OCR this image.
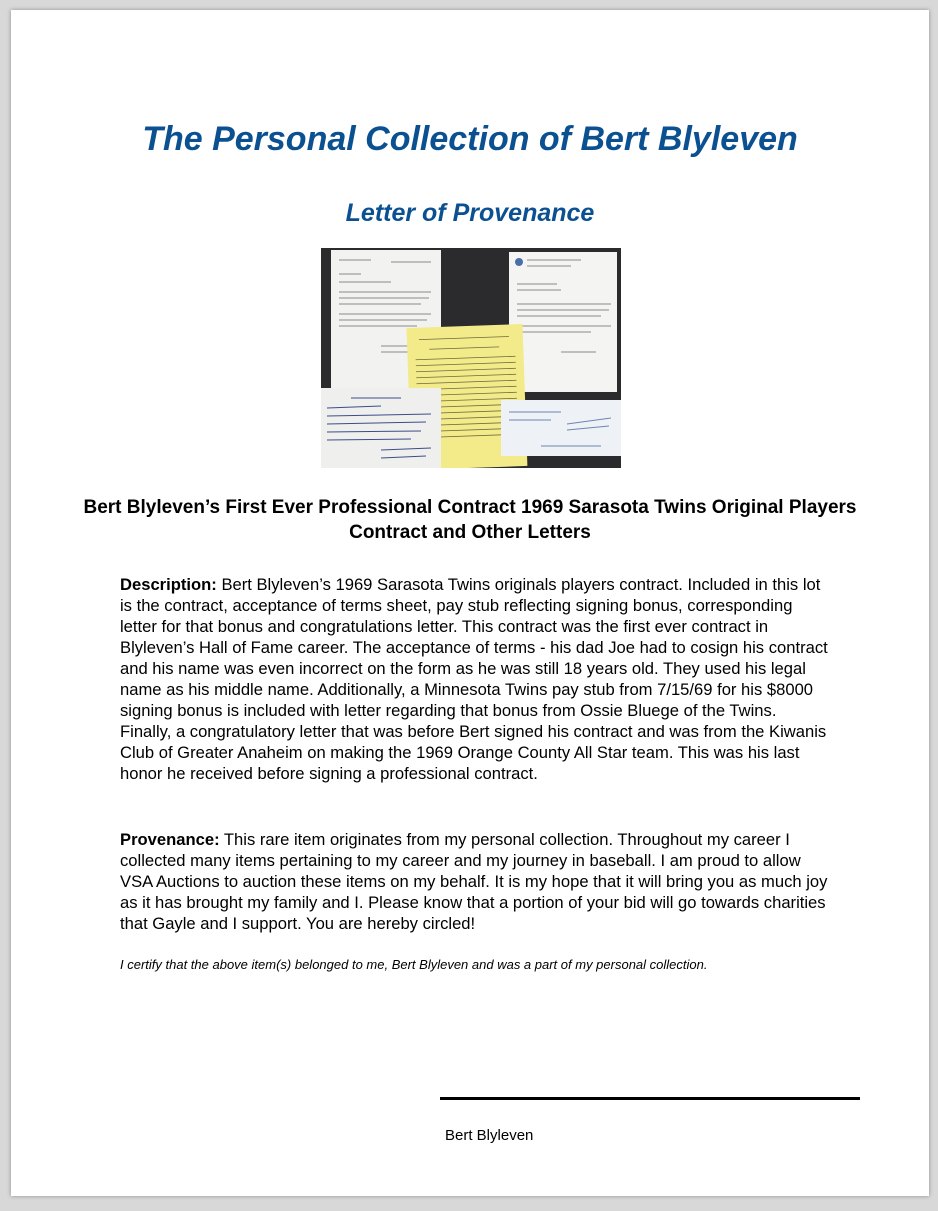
The Personal Collection of Bert Blyleven
Letter of Provenance

Bert Blyleven’s First Ever Professional Contract 1969 Sarasota Twins Original Players Contract and Other Letters

Description: Bert Blyleven’s 1969 Sarasota Twins originals players contract. Included in this lot is the contract, acceptance of terms sheet, pay stub reflecting signing bonus, corresponding letter for that bonus and congratulations letter. This contract was the first ever contract in Blyleven’s Hall of Fame career. The acceptance of terms - his dad Joe had to cosign his contract and his name was even incorrect on the form as he was still 18 years old. They used his legal name as his middle name. Additionally, a Minnesota Twins pay stub from 7/15/69 for his $8000 signing bonus is included with letter regarding that bonus from Ossie Bluege of the Twins. Finally, a congratulatory letter that was before Bert signed his contract and was from the Kiwanis Club of Greater Anaheim on making the 1969 Orange County All Star team. This was his last honor he received before signing a professional contract.

Provenance: This rare item originates from my personal collection. Throughout my career I collected many items pertaining to my career and my journey in baseball. I am proud to allow VSA Auctions to auction these items on my behalf. It is my hope that it will bring you as much joy as it has brought my family and I. Please know that a portion of your bid will go towards charities that Gayle and I support. You are hereby circled!

I certify that the above item(s) belonged to me, Bert Blyleven and was a part of my personal collection.

Bert Blyleven
